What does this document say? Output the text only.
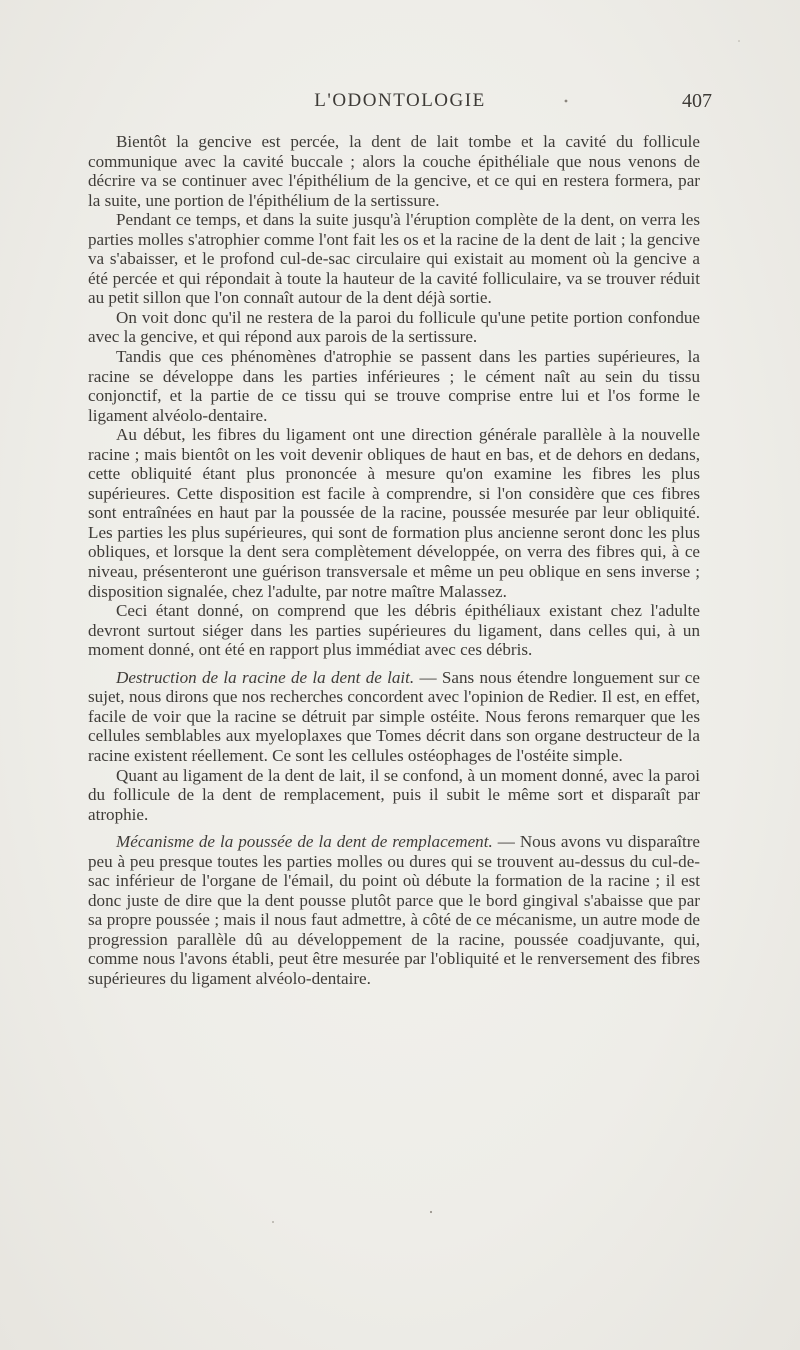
L'ODONTOLOGIE	407

Bientôt la gencive est percée, la dent de lait tombe et la cavité du follicule communique avec la cavité buccale ; alors la couche épithéliale que nous venons de décrire va se continuer avec l'épithélium de la gencive, et ce qui en restera formera, par la suite, une portion de l'épithélium de la sertissure.

Pendant ce temps, et dans la suite jusqu'à l'éruption complète de la dent, on verra les parties molles s'atrophier comme l'ont fait les os et la racine de la dent de lait ; la gencive va s'abaisser, et le profond cul-de-sac circulaire qui existait au moment où la gencive a été percée et qui répondait à toute la hauteur de la cavité folliculaire, va se trouver réduit au petit sillon que l'on connaît autour de la dent déjà sortie.

On voit donc qu'il ne restera de la paroi du follicule qu'une petite portion confondue avec la gencive, et qui répond aux parois de la sertissure.

Tandis que ces phénomènes d'atrophie se passent dans les parties supérieures, la racine se développe dans les parties inférieures ; le cément naît au sein du tissu conjonctif, et la partie de ce tissu qui se trouve comprise entre lui et l'os forme le ligament alvéolo-dentaire.

Au début, les fibres du ligament ont une direction générale parallèle à la nouvelle racine ; mais bientôt on les voit devenir obliques de haut en bas, et de dehors en dedans, cette obliquité étant plus prononcée à mesure qu'on examine les fibres les plus supérieures. Cette disposition est facile à comprendre, si l'on considère que ces fibres sont entraînées en haut par la poussée de la racine, poussée mesurée par leur obliquité. Les parties les plus supérieures, qui sont de formation plus ancienne seront donc les plus obliques, et lorsque la dent sera complètement développée, on verra des fibres qui, à ce niveau, présenteront une guérison transversale et même un peu oblique en sens inverse ; disposition signalée, chez l'adulte, par notre maître Malassez.

Ceci étant donné, on comprend que les débris épithéliaux existant chez l'adulte devront surtout siéger dans les parties supérieures du ligament, dans celles qui, à un moment donné, ont été en rapport plus immédiat avec ces débris.

Destruction de la racine de la dent de lait. — Sans nous étendre longuement sur ce sujet, nous dirons que nos recherches concordent avec l'opinion de Redier. Il est, en effet, facile de voir que la racine se détruit par simple ostéite. Nous ferons remarquer que les cellules semblables aux myeloplaxes que Tomes décrit dans son organe destructeur de la racine existent réellement. Ce sont les cellules ostéophages de l'ostéite simple.

Quant au ligament de la dent de lait, il se confond, à un moment donné, avec la paroi du follicule de la dent de remplacement, puis il subit le même sort et disparaît par atrophie.

Mécanisme de la poussée de la dent de remplacement. — Nous avons vu disparaître peu à peu presque toutes les parties molles ou dures qui se trouvent au-dessus du cul-de-sac inférieur de l'organe de l'émail, du point où débute la formation de la racine ; il est donc juste de dire que la dent pousse plutôt parce que le bord gingival s'abaisse que par sa propre poussée ; mais il nous faut admettre, à côté de ce mécanisme, un autre mode de progression parallèle dû au développement de la racine, poussée coadjuvante, qui, comme nous l'avons établi, peut être mesurée par l'obliquité et le renversement des fibres supérieures du ligament alvéolo-dentaire.
